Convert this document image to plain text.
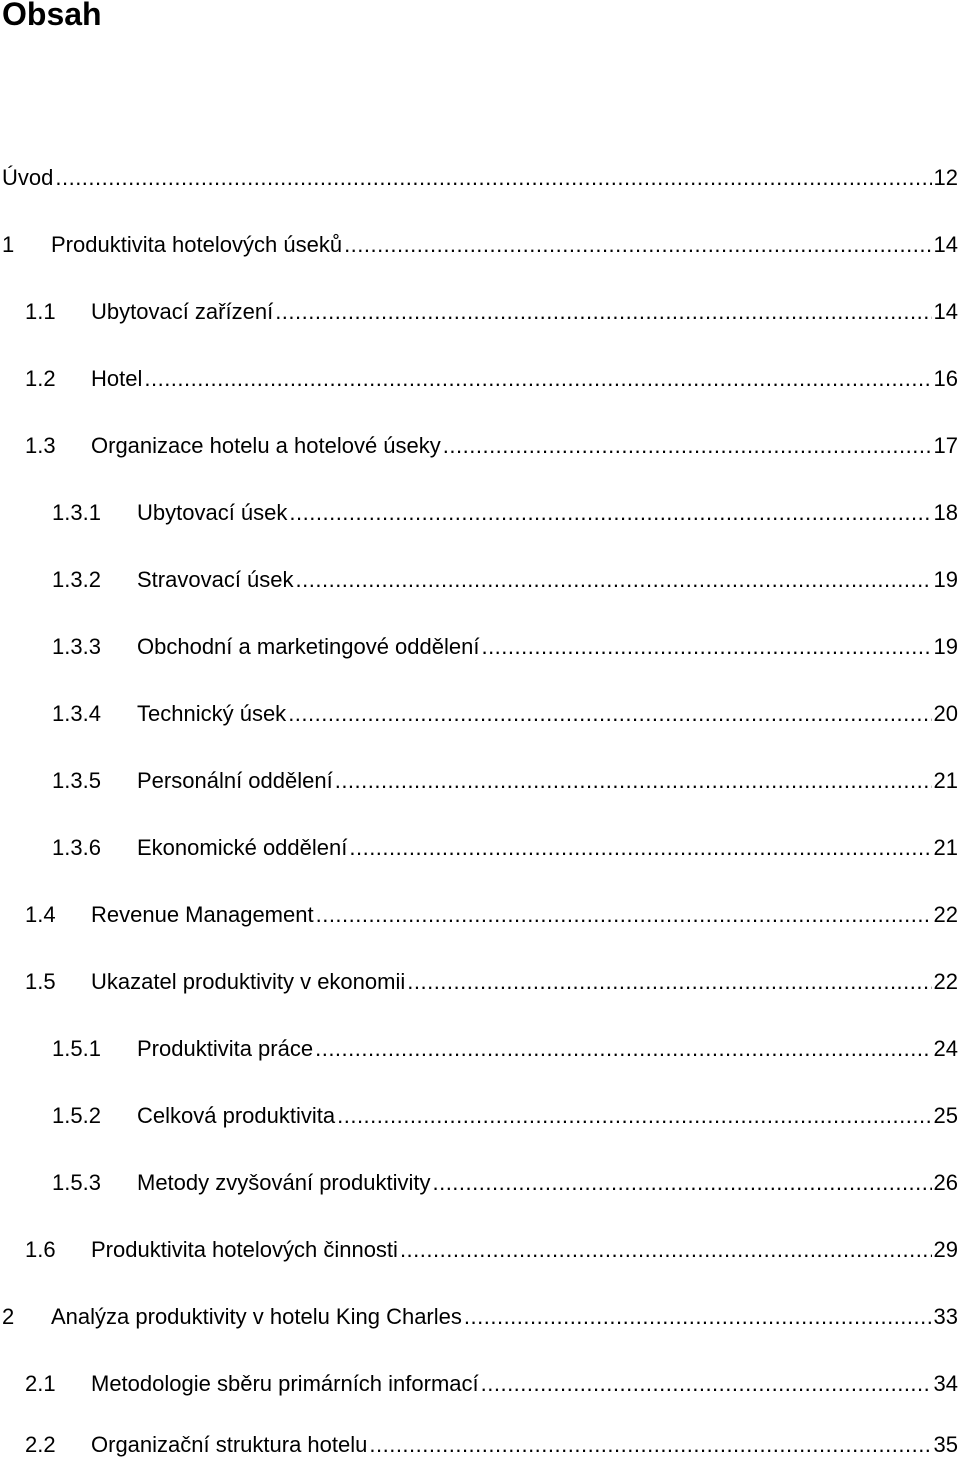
Obsah
Úvod .....	12
1	Produktivita hotelových úseků .....	14
1.1	Ubytovací zařízení .....	14
1.2	Hotel .....	16
1.3	Organizace hotelu a hotelové úseky .....	17
1.3.1	Ubytovací úsek .....	18
1.3.2	Stravovací úsek .....	19
1.3.3	Obchodní a marketingové oddělení .....	19
1.3.4	Technický úsek .....	20
1.3.5	Personální oddělení .....	21
1.3.6	Ekonomické oddělení .....	21
1.4	Revenue Management .....	22
1.5	Ukazatel produktivity v ekonomii .....	22
1.5.1	Produktivita práce .....	24
1.5.2	Celková produktivita .....	25
1.5.3	Metody zvyšování produktivity .....	26
1.6	Produktivita hotelových činnosti .....	29
2	Analýza produktivity v hotelu King Charles .....	33
2.1	Metodologie sběru primárních informací .....	34
2.2	Organizační struktura hotelu .....	35
